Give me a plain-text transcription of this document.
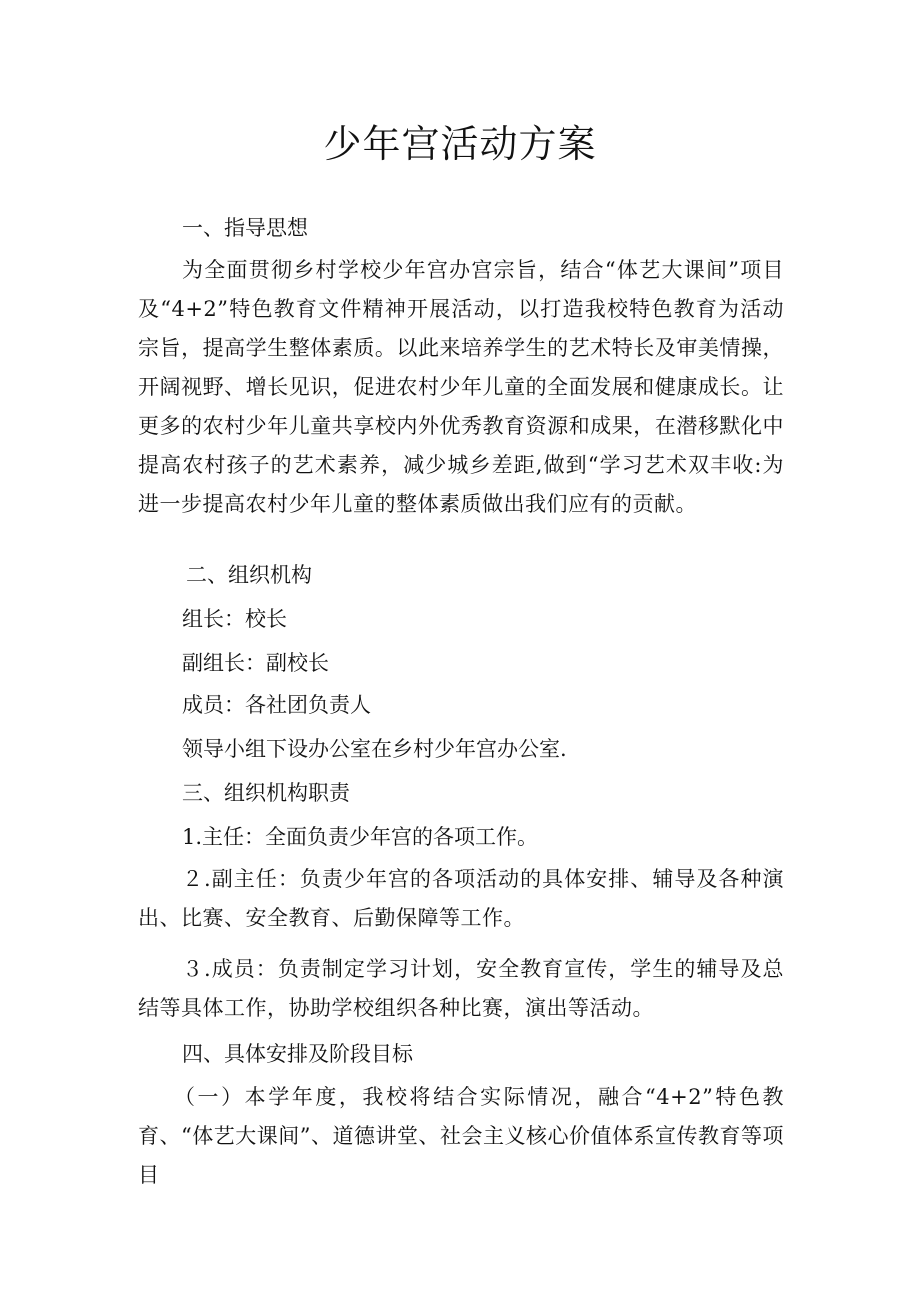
少年宫活动方案
一、指导思想
为全面贯彻乡村学校少年宫办宫宗旨，结合“体艺大课间”项目及“4+2”特色教育文件精神开展活动，以打造我校特色教育为活动宗旨，提高学生整体素质。以此来培养学生的艺术特长及审美情操，开阔视野、增长见识，促进农村少年儿童的全面发展和健康成长。让更多的农村少年儿童共享校内外优秀教育资源和成果，在潜移默化中提高农村孩子的艺术素养，减少城乡差距,做到“学习艺术双丰收:为进一步提高农村少年儿童的整体素质做出我们应有的贡献。
二、组织机构
组长：校长
副组长：副校长
成员：各社团负责人
领导小组下设办公室在乡村少年宫办公室.
三、组织机构职责
1.主任：全面负责少年宫的各项工作。
２.副主任：负责少年宫的各项活动的具体安排、辅导及各种演出、比赛、安全教育、后勤保障等工作。
３.成员：负责制定学习计划，安全教育宣传，学生的辅导及总结等具体工作，协助学校组织各种比赛，演出等活动。
四、具体安排及阶段目标
（一）本学年度，我校将结合实际情况，融合“4+2”特色教育、“体艺大课间”、道德讲堂、社会主义核心价值体系宣传教育等项目
